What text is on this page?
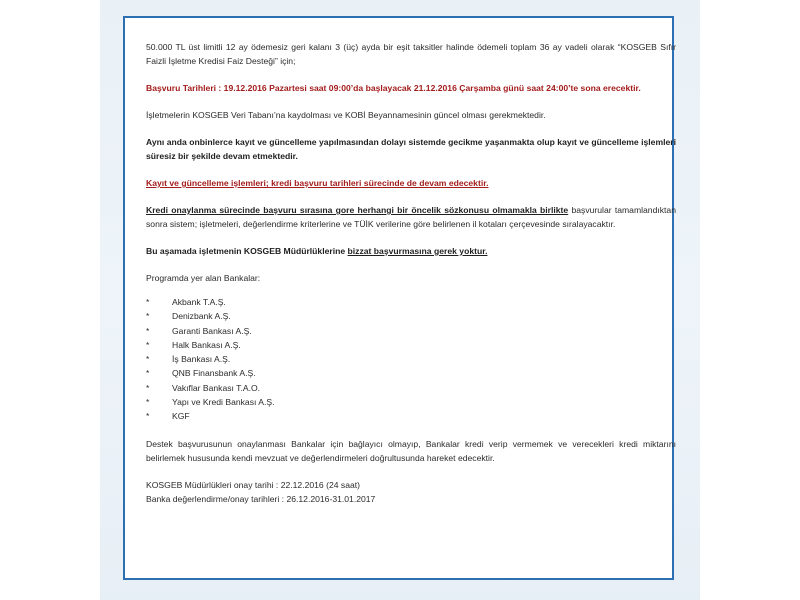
50.000 TL üst limitli 12 ay ödemesiz geri kalanı 3 (üç) ayda bir eşit taksitler halinde ödemeli toplam 36 ay vadeli olarak “KOSGEB Sıfır Faizli İşletme Kredisi Faiz Desteği” için;

Başvuru Tarihleri : 19.12.2016 Pazartesi saat 09:00’da başlayacak 21.12.2016 Çarşamba günü saat 24:00’te sona erecektir.

İşletmelerin KOSGEB Veri Tabanı’na kaydolması ve KOBİ Beyannamesinin güncel olması gerekmektedir.

Aynı anda onbinlerce kayıt ve güncelleme yapılmasından dolayı sistemde gecikme yaşanmakta olup kayıt ve güncelleme işlemleri süresiz bir şekilde devam etmektedir.

Kayıt ve güncelleme işlemleri; kredi başvuru tarihleri sürecinde de devam edecektir.

Kredi onaylanma sürecinde başvuru sırasına gore herhangi bir öncelik sözkonusu olmamakla birlikte başvurular tamamlandıktan sonra sistem; işletmeleri, değerlendirme kriterlerine ve TÜİK verilerine göre belirlenen il kotaları çerçevesinde sıralayacaktır.

Bu aşamada işletmenin KOSGEB Müdürlüklerine bizzat başvurmasına gerek yoktur.

Programda yer alan Bankalar:

*	Akbank T.A.Ş.
*	Denizbank A.Ş.
*	Garanti Bankası A.Ş.
*	Halk Bankası A.Ş.
*	İş Bankası A.Ş.
*	QNB Finansbank A.Ş.
*	Vakıflar Bankası T.A.O.
*	Yapı ve Kredi Bankası A.Ş.
*	KGF

Destek başvurusunun onaylanması Bankalar için bağlayıcı olmayıp, Bankalar kredi verip vermemek ve verecekleri kredi miktarını belirlemek hususunda kendi mevzuat ve değerlendirmeleri doğrultusunda hareket edecektir.

KOSGEB Müdürlükleri onay tarihi : 22.12.2016 (24 saat)

Banka değerlendirme/onay tarihleri : 26.12.2016-31.01.2017
